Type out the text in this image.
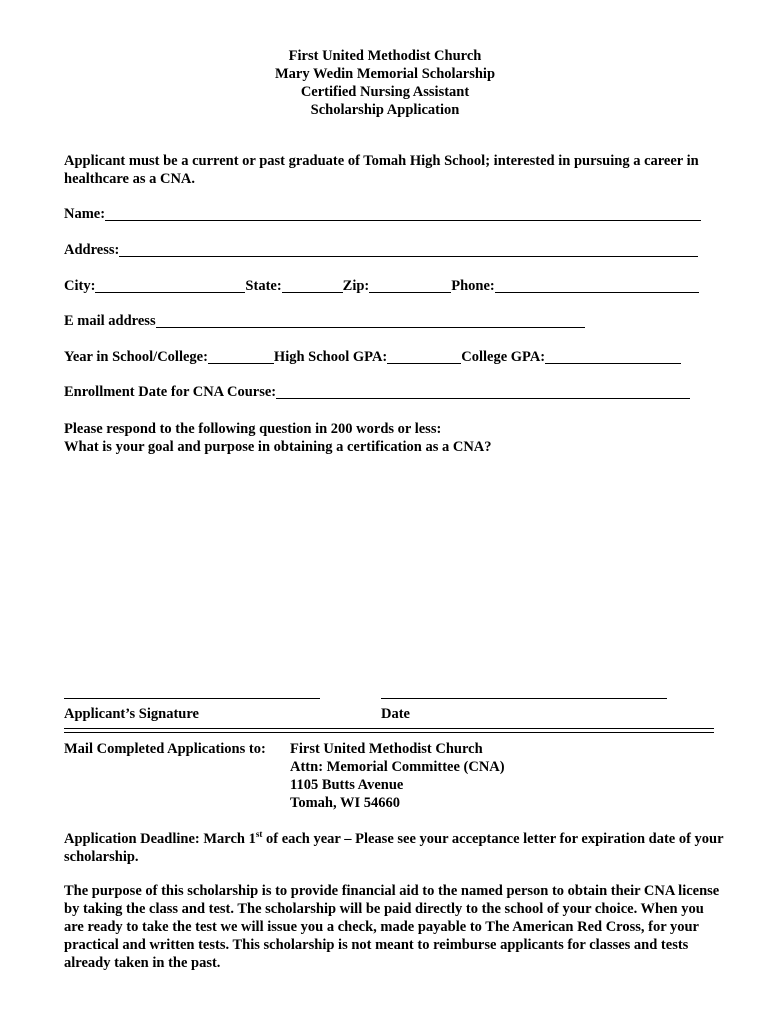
First United Methodist Church
Mary Wedin Memorial Scholarship
Certified Nursing Assistant
Scholarship Application
Applicant must be a current or past graduate of Tomah High School; interested in pursuing a career in healthcare as a CNA.
Name:
Address:
City:	State:	Zip:	Phone:
E mail address
Year in School/College:	High School GPA:	College GPA:
Enrollment Date for CNA Course:
Please respond to the following question in 200 words or less:
What is your goal and purpose in obtaining a certification as a CNA?
Applicant’s Signature	Date
Mail Completed Applications to: First United Methodist Church
Attn: Memorial Committee (CNA)
1105 Butts Avenue
Tomah, WI 54660
Application Deadline: March 1st of each year – Please see your acceptance letter for expiration date of your scholarship.
The purpose of this scholarship is to provide financial aid to the named person to obtain their CNA license by taking the class and test. The scholarship will be paid directly to the school of your choice. When you are ready to take the test we will issue you a check, made payable to The American Red Cross, for your practical and written tests. This scholarship is not meant to reimburse applicants for classes and tests already taken in the past.
